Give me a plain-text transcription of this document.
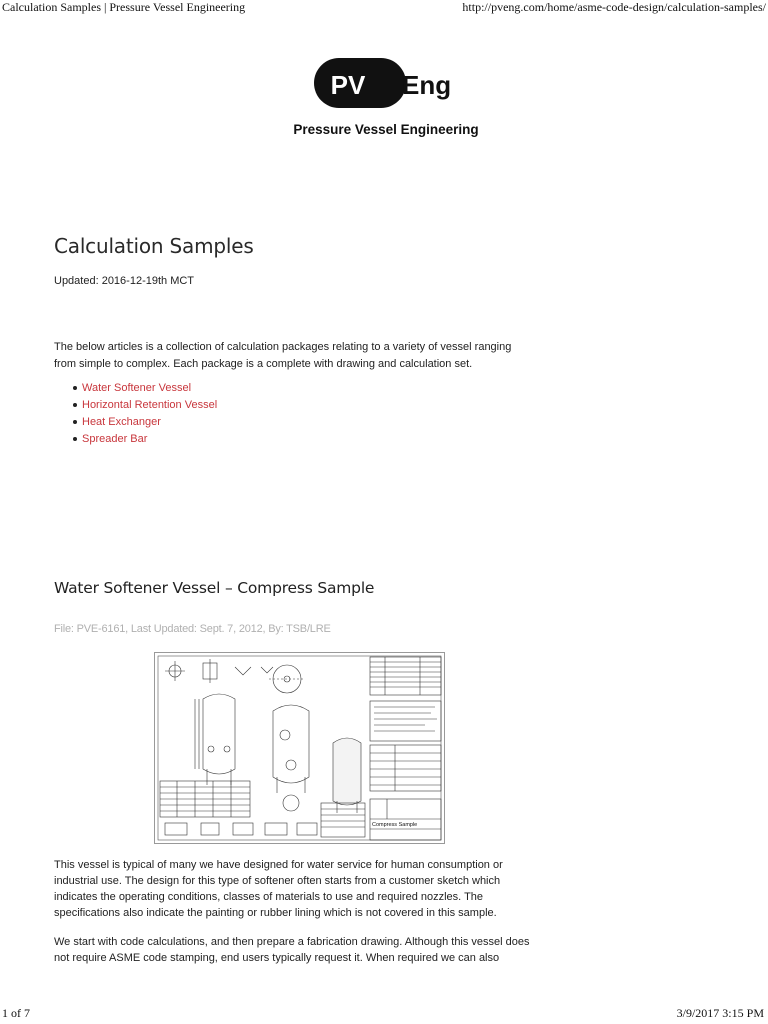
Calculation Samples | Pressure Vessel Engineering	http://pveng.com/home/asme-code-design/calculation-samples/
PV Eng
Pressure Vessel Engineering
Calculation Samples
Updated: 2016-12-19th MCT

The below articles is a collection of calculation packages relating to a variety of vessel ranging from simple to complex. Each package is a complete with drawing and calculation set.

Water Softener Vessel
Horizontal Retention Vessel
Heat Exchanger
Spreader Bar
Water Softener Vessel – Compress Sample
File: PVE-6161, Last Updated: Sept. 7, 2012, By: TSB/LRE
Compress Sample

This vessel is typical of many we have designed for water service for human consumption or industrial use. The design for this type of softener often starts from a customer sketch which indicates the operating conditions, classes of materials to use and required nozzles. The specifications also indicate the painting or rubber lining which is not covered in this sample.

We start with code calculations, and then prepare a fabrication drawing. Although this vessel does not require ASME code stamping, end users typically request it. When required we can also

1 of 7	3/9/2017 3:15 PM
